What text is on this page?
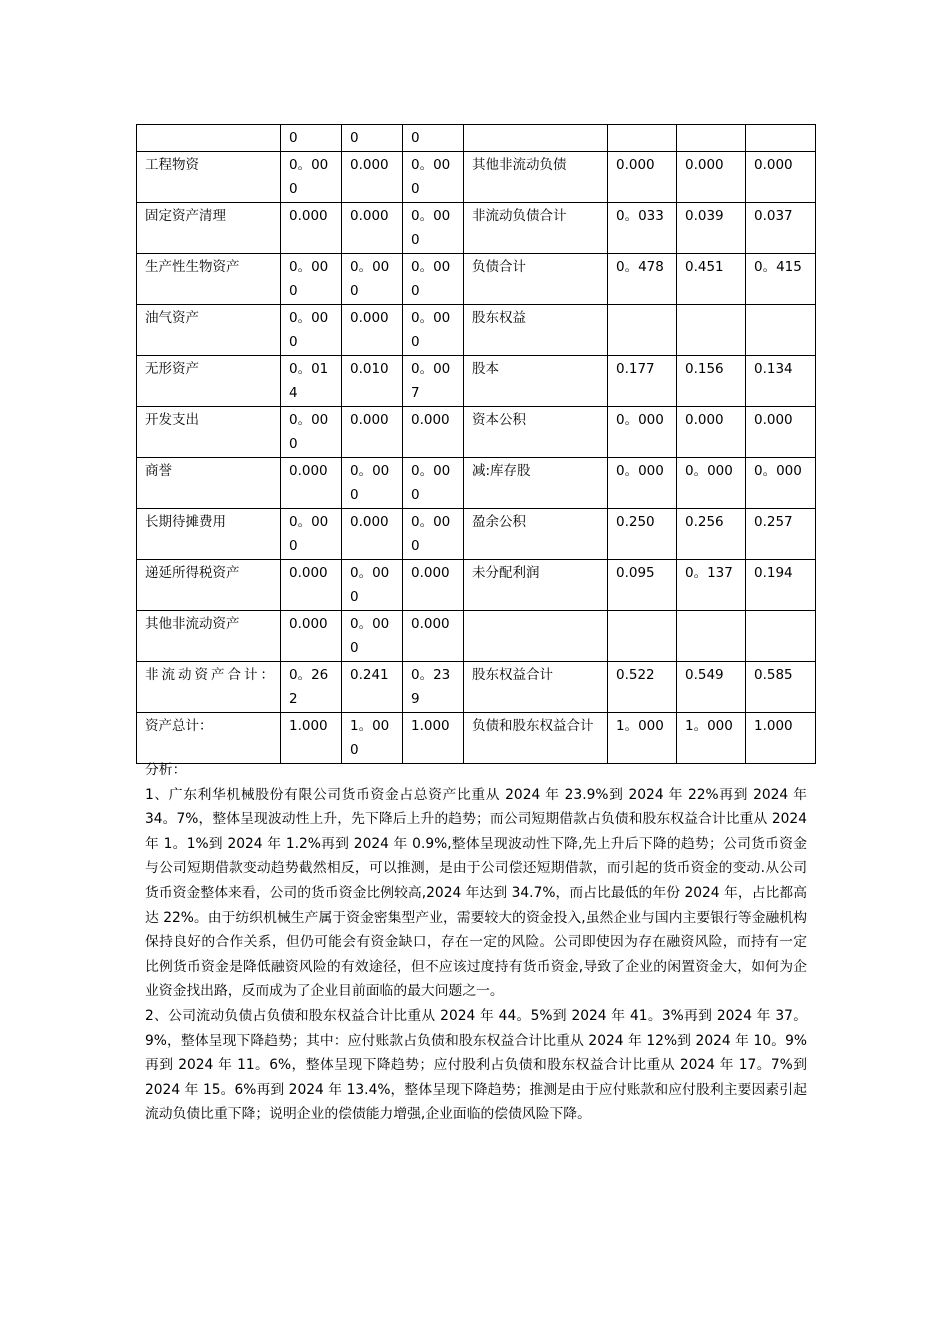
	0	0	0				
工程物资	0。000	0.000	0。000	其他非流动负债	0.000	0.000	0.000
固定资产清理	0.000	0.000	0。000	非流动负债合计	0。033	0.039	0.037
生产性生物资产	0。000	0。000	0。000	负债合计	0。478	0.451	0。415
油气资产	0。000	0.000	0。000	股东权益			
无形资产	0。014	0.010	0。007	股本	0.177	0.156	0.134
开发支出	0。000	0.000	0.000	资本公积	0。000	0.000	0.000
商誉	0.000	0。000	0。000	减:库存股	0。000	0。000	0。000
长期待摊费用	0。000	0.000	0。000	盈余公积	0.250	0.256	0.257
递延所得税资产	0.000	0。000	0.000	未分配利润	0.095	0。137	0.194
其他非流动资产	0.000	0。000	0.000				
非流动资产合计：	0。262	0.241	0。239	股东权益合计	0.522	0.549	0.585
资产总计：	1.000	1。000	1.000	负债和股东权益合计	1。000	1。000	1.000

分析：

1、广东利华机械股份有限公司货币资金占总资产比重从 2024 年 23.9%到 2024 年 22%再到 2024 年 34。7%，整体呈现波动性上升，先下降后上升的趋势；而公司短期借款占负债和股东权益合计比重从 2024 年 1。1%到 2024 年 1.2%再到 2024 年 0.9%,整体呈现波动性下降,先上升后下降的趋势；公司货币资金与公司短期借款变动趋势截然相反，可以推测，是由于公司偿还短期借款，而引起的货币资金的变动.从公司货币资金整体来看，公司的货币资金比例较高,2024 年达到 34.7%，而占比最低的年份 2024 年，占比都高达 22%。由于纺织机械生产属于资金密集型产业，需要较大的资金投入,虽然企业与国内主要银行等金融机构保持良好的合作关系，但仍可能会有资金缺口，存在一定的风险。公司即使因为存在融资风险，而持有一定比例货币资金是降低融资风险的有效途径，但不应该过度持有货币资金,导致了企业的闲置资金大，如何为企业资金找出路，反而成为了企业目前面临的最大问题之一。

2、公司流动负债占负债和股东权益合计比重从 2024 年 44。5%到 2024 年 41。3%再到 2024 年 37。9%，整体呈现下降趋势；其中：应付账款占负债和股东权益合计比重从 2024 年 12%到 2024 年 10。9%再到 2024 年 11。6%，整体呈现下降趋势；应付股利占负债和股东权益合计比重从 2024 年 17。7%到 2024 年 15。6%再到 2024 年 13.4%，整体呈现下降趋势；推测是由于应付账款和应付股利主要因素引起流动负债比重下降；说明企业的偿债能力增强,企业面临的偿债风险下降。
